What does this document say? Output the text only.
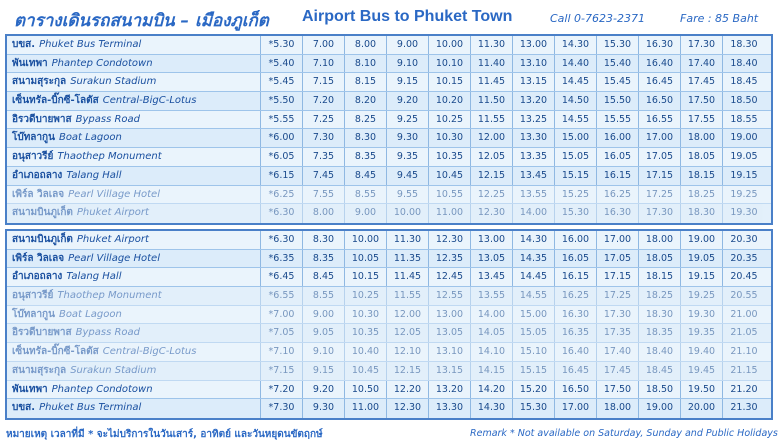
ตารางเดินรถสนามบิน – เมืองภูเก็ต Airport Bus to Phuket Town	Call 0-7623-2371	Fare : 85 Baht
บขส. Phuket Bus Terminal	*5.30	7.00	8.00	9.00	10.00	11.30	13.00	14.30	15.30	16.30	17.30	18.30
พันเทพา Phantep Condotown	*5.40	7.10	8.10	9.10	10.10	11.40	13.10	14.40	15.40	16.40	17.40	18.40
สนามสุระกุล Surakun Stadium	*5.45	7.15	8.15	9.15	10.15	11.45	13.15	14.45	15.45	16.45	17.45	18.45
เซ็นทรัล-บิ๊กซี-โลตัส Central-BigC-Lotus	*5.50	7.20	8.20	9.20	10.20	11.50	13.20	14.50	15.50	16.50	17.50	18.50
อิรวดีบายพาส Bypass Road	*5.55	7.25	8.25	9.25	10.25	11.55	13.25	14.55	15.55	16.55	17.55	18.55
โบ๊ทลากูน Boat Lagoon	*6.00	7.30	8.30	9.30	10.30	12.00	13.30	15.00	16.00	17.00	18.00	19.00
อนุสาวรีย์ Thaothep Monument	*6.05	7.35	8.35	9.35	10.35	12.05	13.35	15.05	16.05	17.05	18.05	19.05
อำเภอถลาง Talang Hall	*6.15	7.45	8.45	9.45	10.45	12.15	13.45	15.15	16.15	17.15	18.15	19.15
เพิร์ล วิลเลจ Pearl Village Hotel	*6.25	7.55	8.55	9.55	10.55	12.25	13.55	15.25	16.25	17.25	18.25	19.25
สนามบินภูเก็ต Phuket Airport	*6.30	8.00	9.00	10.00	11.00	12.30	14.00	15.30	16.30	17.30	18.30	19.30
สนามบินภูเก็ต Phuket Airport	*6.30	8.30	10.00	11.30	12.30	13.00	14.30	16.00	17.00	18.00	19.00	20.30
เพิร์ล วิลเลจ Pearl Village Hotel	*6.35	8.35	10.05	11.35	12.35	13.05	14.35	16.05	17.05	18.05	19.05	20.35
อำเภอถลาง Talang Hall	*6.45	8.45	10.15	11.45	12.45	13.45	14.45	16.15	17.15	18.15	19.15	20.45
อนุสาวรีย์ Thaothep Monument	*6.55	8.55	10.25	11.55	12.55	13.55	14.55	16.25	17.25	18.25	19.25	20.55
โบ๊ทลากูน Boat Lagoon	*7.00	9.00	10.30	12.00	13.00	14.00	15.00	16.30	17.30	18.30	19.30	21.00
อิรวดีบายพาส Bypass Road	*7.05	9.05	10.35	12.05	13.05	14.05	15.05	16.35	17.35	18.35	19.35	21.05
เซ็นทรัล-บิ๊กซี-โลตัส Central-BigC-Lotus	*7.10	9.10	10.40	12.10	13.10	14.10	15.10	16.40	17.40	18.40	19.40	21.10
สนามสุระกุล Surakun Stadium	*7.15	9.15	10.45	12.15	13.15	14.15	15.15	16.45	17.45	18.45	19.45	21.15
พันเทพา Phantep Condotown	*7.20	9.20	10.50	12.20	13.20	14.20	15.20	16.50	17.50	18.50	19.50	21.20
บขส. Phuket Bus Terminal	*7.30	9.30	11.00	12.30	13.30	14.30	15.30	17.00	18.00	19.00	20.00	21.30
หมายเหตุ เวลาที่มี * จะไม่บริการในวันเสาร์, อาทิตย์ และวันหยุดนขัตฤกษ์	Remark * Not available on Saturday, Sunday and Public Holidays
